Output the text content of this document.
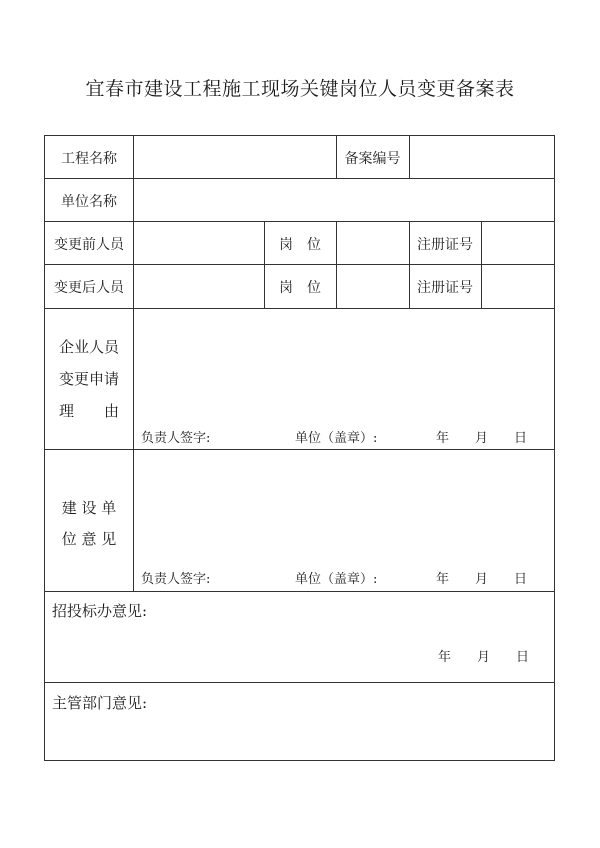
宜春市建设工程施工现场关键岗位人员变更备案表
工程名称	备案编号
单位名称
变更前人员	岗　位	注册证号
变更后人员	岗　位	注册证号
企业人员
变更申请
理　　由
负责人签字:	单位（盖章）:	年　　月　　日
建 设 单
位 意 见
负责人签字:	单位（盖章）:	年　　月　　日
招投标办意见:
年　　月　　日
主管部门意见:
